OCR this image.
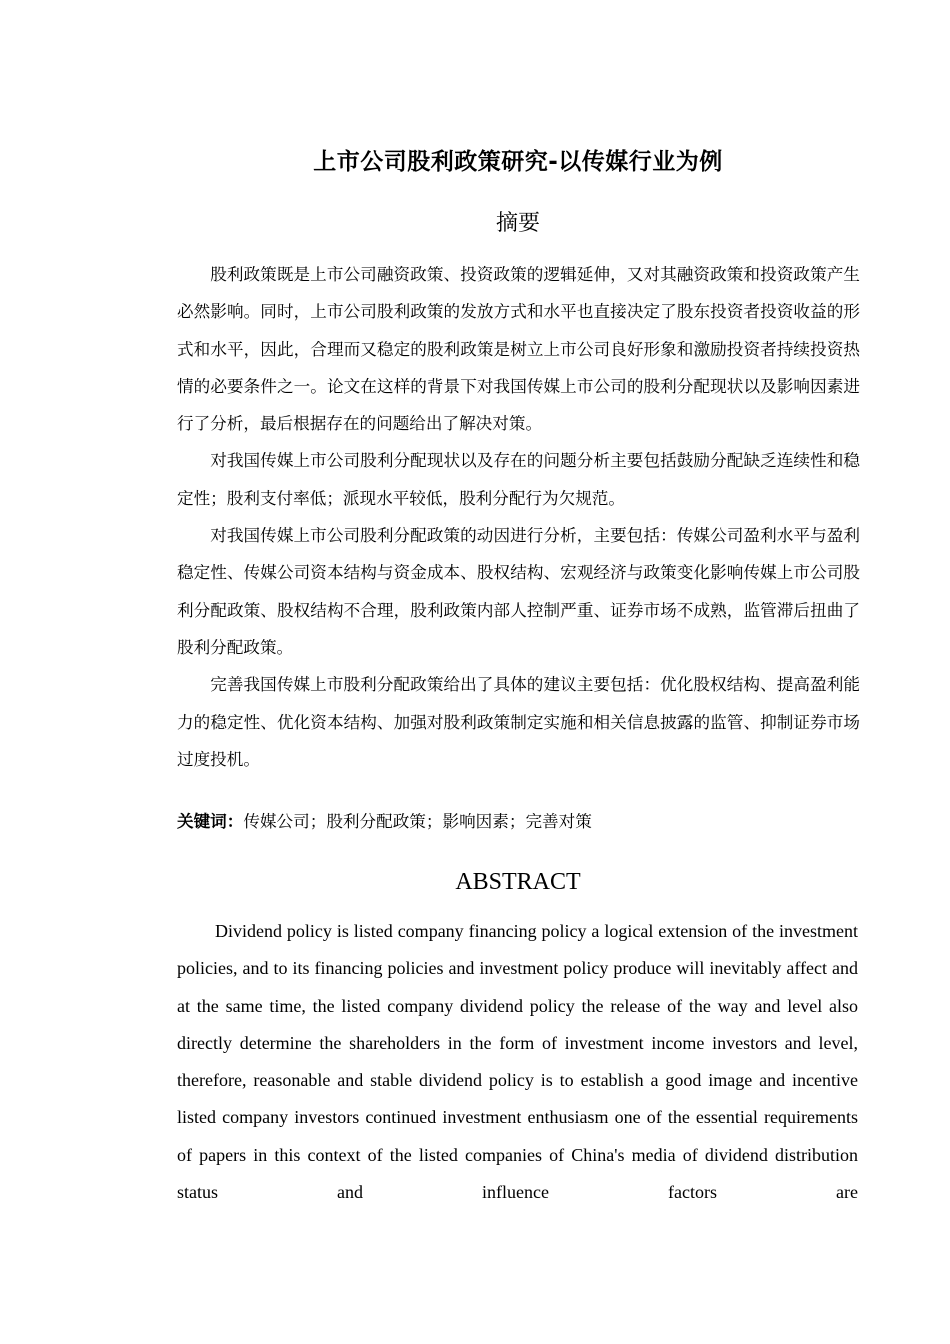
上市公司股利政策研究-以传媒行业为例
摘要

股利政策既是上市公司融资政策、投资政策的逻辑延伸，又对其融资政策和投资政策产生必然影响。同时，上市公司股利政策的发放方式和水平也直接决定了股东投资者投资收益的形式和水平，因此，合理而又稳定的股利政策是树立上市公司良好形象和激励投资者持续投资热情的必要条件之一。论文在这样的背景下对我国传媒上市公司的股利分配现状以及影响因素进行了分析，最后根据存在的问题给出了解决对策。

对我国传媒上市公司股利分配现状以及存在的问题分析主要包括鼓励分配缺乏连续性和稳定性；股利支付率低；派现水平较低，股利分配行为欠规范。

对我国传媒上市公司股利分配政策的动因进行分析，主要包括：传媒公司盈利水平与盈利稳定性、传媒公司资本结构与资金成本、股权结构、宏观经济与政策变化影响传媒上市公司股利分配政策、股权结构不合理，股利政策内部人控制严重、证券市场不成熟，监管滞后扭曲了股利分配政策。

完善我国传媒上市股利分配政策给出了具体的建议主要包括：优化股权结构、提高盈利能力的稳定性、优化资本结构、加强对股利政策制定实施和相关信息披露的监管、抑制证券市场过度投机。

关键词：传媒公司；股利分配政策；影响因素；完善对策
ABSTRACT

Dividend policy is listed company financing policy a logical extension of the investment policies, and to its financing policies and investment policy produce will inevitably affect and at the same time, the listed company dividend policy the release of the way and level also directly determine the shareholders in the form of investment income investors and level, therefore, reasonable and stable dividend policy is to establish a good image and incentive listed company investors continued investment enthusiasm one of the essential requirements of papers in this context of the listed companies of China's media of dividend distribution status and influence factors are
